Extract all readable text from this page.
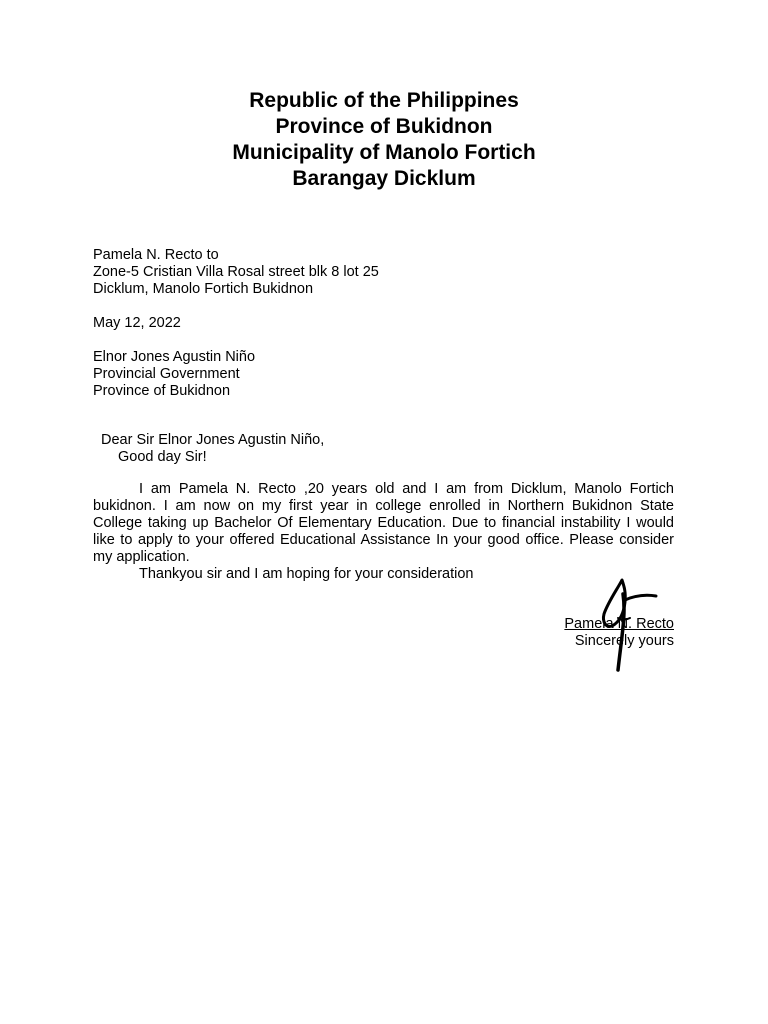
Republic of the Philippines
Province of Bukidnon
Municipality of Manolo Fortich
Barangay Dicklum
Pamela N. Recto to
Zone-5 Cristian Villa Rosal street blk 8 lot 25
Dicklum, Manolo Fortich Bukidnon
May 12, 2022
Elnor Jones Agustin Niño
Provincial Government
Province of Bukidnon
Dear Sir Elnor Jones Agustin Niño,
Good day Sir!
I am Pamela N. Recto ,20 years old and I am from Dicklum, Manolo Fortich bukidnon. I am now on my first year in college enrolled in Northern Bukidnon State College taking up Bachelor Of Elementary Education. Due to financial instability I would like to apply to your offered Educational Assistance In your good office. Please consider my application.
Thankyou sir and I am hoping for your consideration
Pamela N. Recto
Sincerely yours
